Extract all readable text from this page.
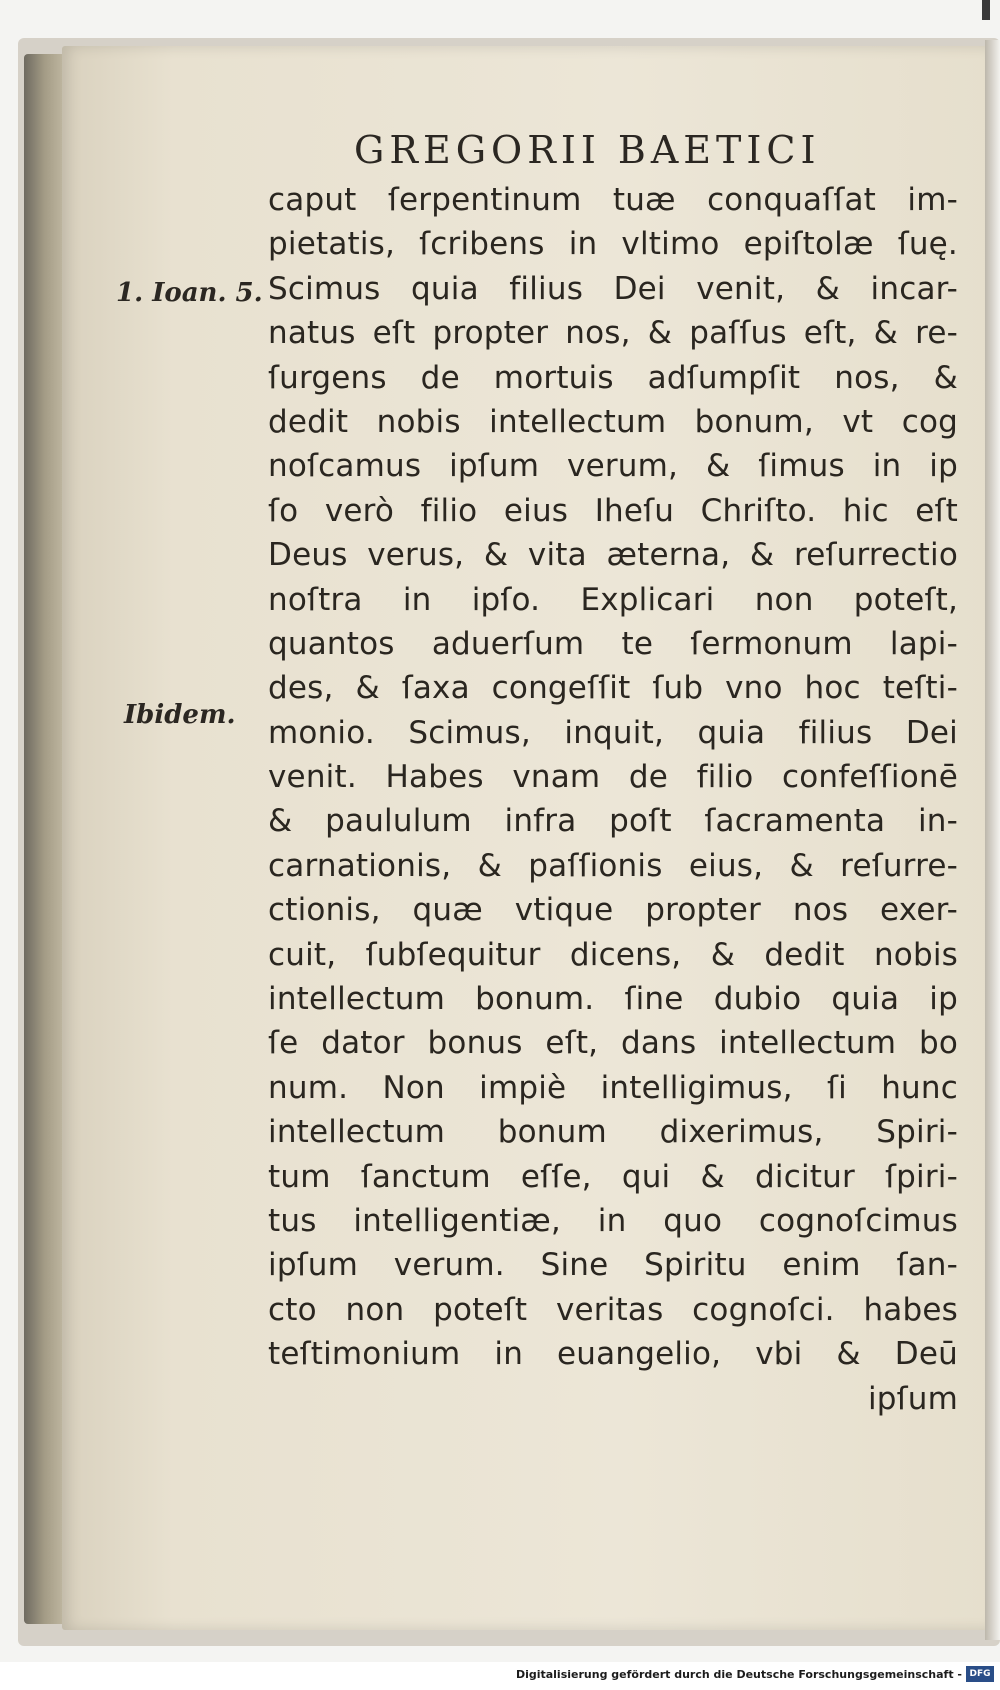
GREGORII BAETICI
1. Ioan. 5.
Ibidem.
caput ſerpentinum tuæ conquaſſat im-
pietatis, ſcribens in vltimo epiſtolæ ſuę.
Scimus quia filius Dei venit, & incar-
natus eſt propter nos, & paſſus eſt, & re-
ſurgens de mortuis adſumpſit nos, &
dedit nobis intellectum bonum, vt cog
noſcamus ipſum verum, & ſimus in ip
ſo verò filio eius Iheſu Chriſto. hic eſt
Deus verus, & vita æterna, & reſurrectio
noſtra in ipſo. Explicari non poteſt,
quantos aduerſum te ſermonum lapi-
des, & ſaxa congeſſit ſub vno hoc teſti-
monio. Scimus, inquit, quia filius Dei
venit. Habes vnam de filio confeſſionē
& paululum infra poſt ſacramenta in-
carnationis, & paſſionis eius, & reſurre-
ctionis, quæ vtique propter nos exer-
cuit, ſubſequitur dicens, & dedit nobis
intellectum bonum. ſine dubio quia ip
ſe dator bonus eſt, dans intellectum bo
num. Non impiè intelligimus, ſi hunc
intellectum bonum dixerimus, Spiri-
tum ſanctum eſſe, qui & dicitur ſpiri-
tus intelligentiæ, in quo cognoſcimus
ipſum verum. Sine Spiritu enim ſan-
cto non poteſt veritas cognoſci. habes
teſtimonium in euangelio, vbi & Deū
ipſum
Digitalisierung gefördert durch die Deutsche Forschungsgemeinschaft - DFG
